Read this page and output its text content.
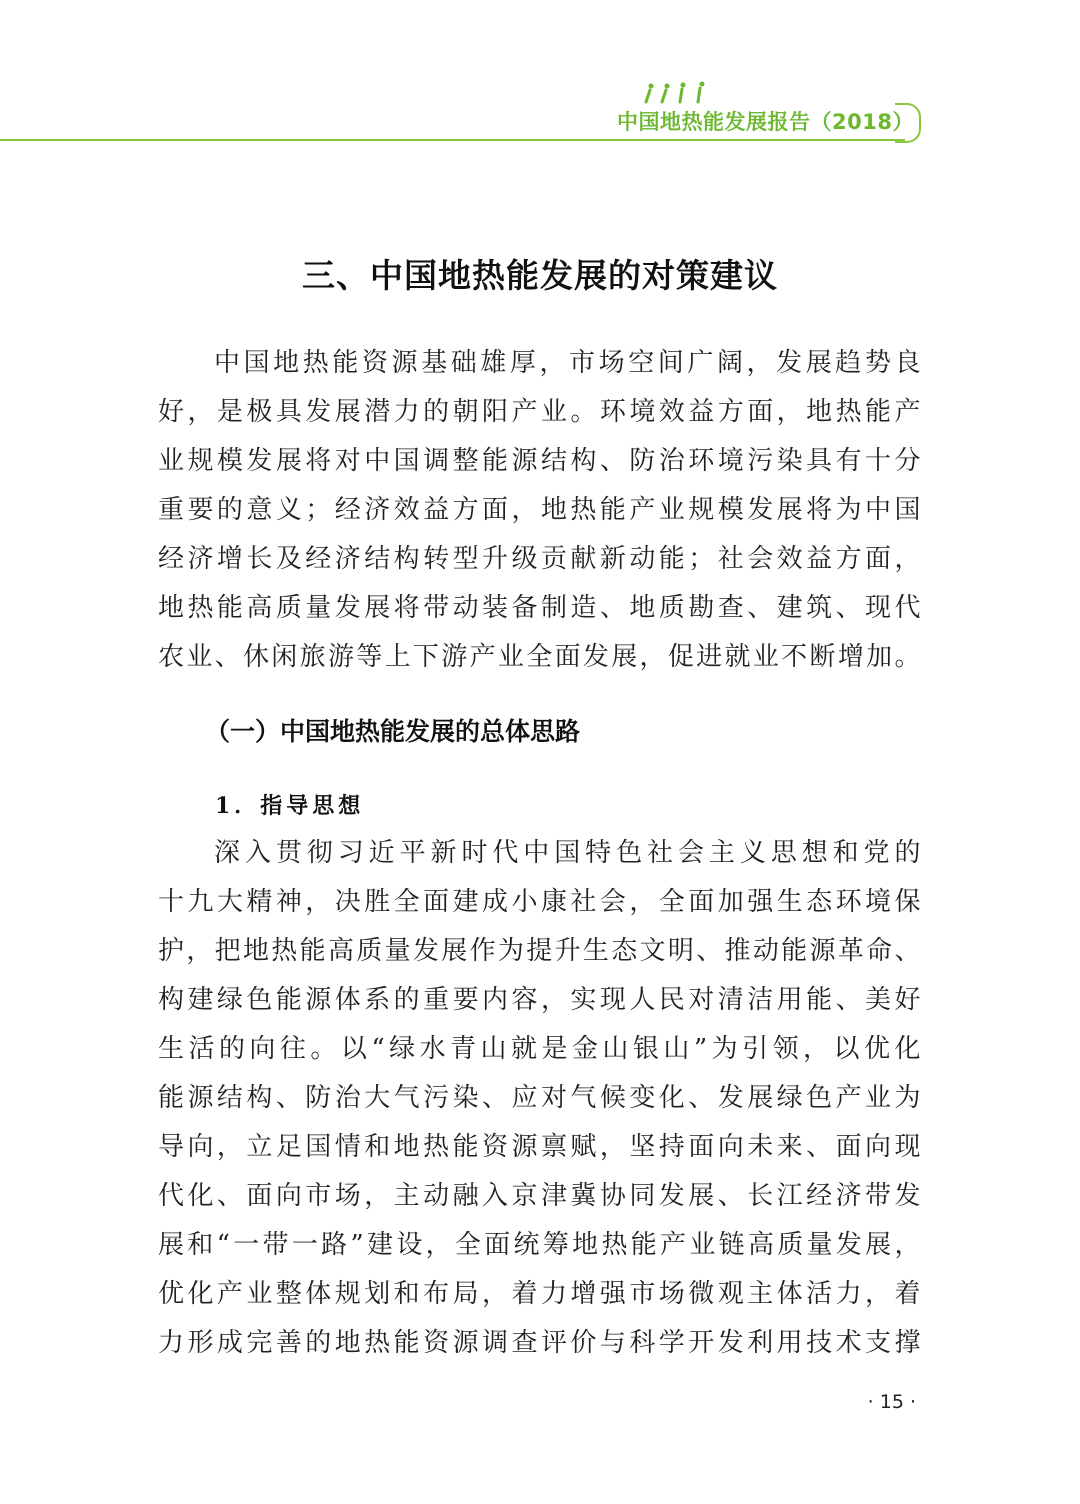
中国地热能发展报告（2018）
三、中国地热能发展的对策建议
中国地热能资源基础雄厚，市场空间广阔，发展趋势良
好，是极具发展潜力的朝阳产业。环境效益方面，地热能产
业规模发展将对中国调整能源结构、防治环境污染具有十分
重要的意义；经济效益方面，地热能产业规模发展将为中国
经济增长及经济结构转型升级贡献新动能；社会效益方面，
地热能高质量发展将带动装备制造、地质勘查、建筑、现代
农业、休闲旅游等上下游产业全面发展，促进就业不断增加。
（一）中国地热能发展的总体思路
1．指导思想
深入贯彻习近平新时代中国特色社会主义思想和党的
十九大精神，决胜全面建成小康社会，全面加强生态环境保
护，把地热能高质量发展作为提升生态文明、推动能源革命、
构建绿色能源体系的重要内容，实现人民对清洁用能、美好
生活的向往。以“绿水青山就是金山银山”为引领，以优化
能源结构、防治大气污染、应对气候变化、发展绿色产业为
导向，立足国情和地热能资源禀赋，坚持面向未来、面向现
代化、面向市场，主动融入京津冀协同发展、长江经济带发
展和“一带一路”建设，全面统筹地热能产业链高质量发展，
优化产业整体规划和布局，着力增强市场微观主体活力，着
力形成完善的地热能资源调查评价与科学开发利用技术支撑
· 15 ·
